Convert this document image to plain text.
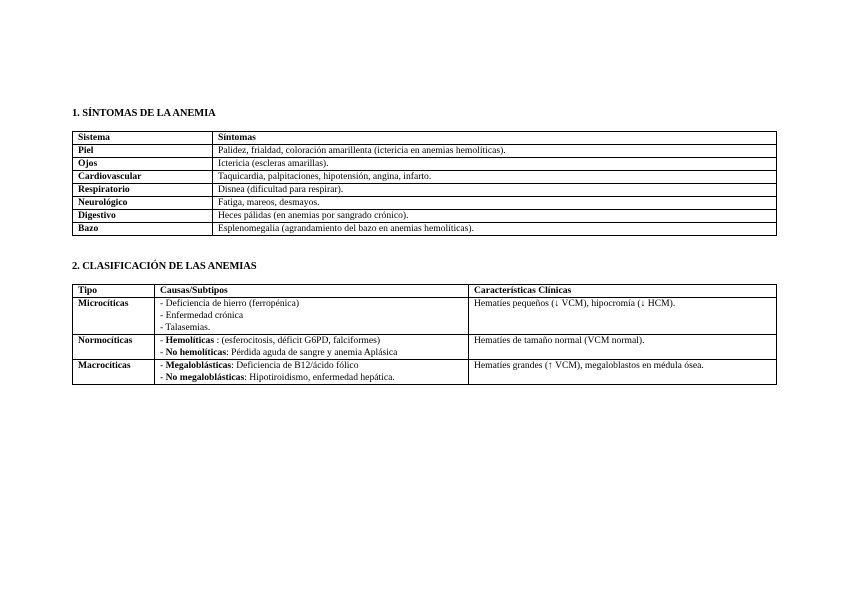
1. SÍNTOMAS DE LA ANEMIA
Sistema	Síntomas
Piel	Palidez, frialdad, coloración amarillenta (ictericia en anemias hemolíticas).
Ojos	Ictericia (escleras amarillas).
Cardiovascular	Taquicardia, palpitaciones, hipotensión, angina, infarto.
Respiratorio	Disnea (dificultad para respirar).
Neurológico	Fatiga, mareos, desmayos.
Digestivo	Heces pálidas (en anemias por sangrado crónico).
Bazo	Esplenomegalia (agrandamiento del bazo en anemias hemolíticas).
2. CLASIFICACIÓN DE LAS ANEMIAS
Tipo	Causas/Subtipos	Características Clínicas
Microcíticas	- Deficiencia de hierro (ferropénica)
- Enfermedad crónica
- Talasemias.	Hematíes pequeños (↓ VCM), hipocromía (↓ HCM).
Normocíticas	- Hemolíticas : (esferocitosis, déficit G6PD, falciformes)
- No hemolíticas: Pérdida aguda de sangre y anemia Aplásica	Hematíes de tamaño normal (VCM normal).
Macrocíticas	- Megaloblásticas: Deficiencia de B12/ácido fólico
- No megaloblásticas: Hipotiroidismo, enfermedad hepática.	Hematíes grandes (↑ VCM), megaloblastos en médula ósea.
